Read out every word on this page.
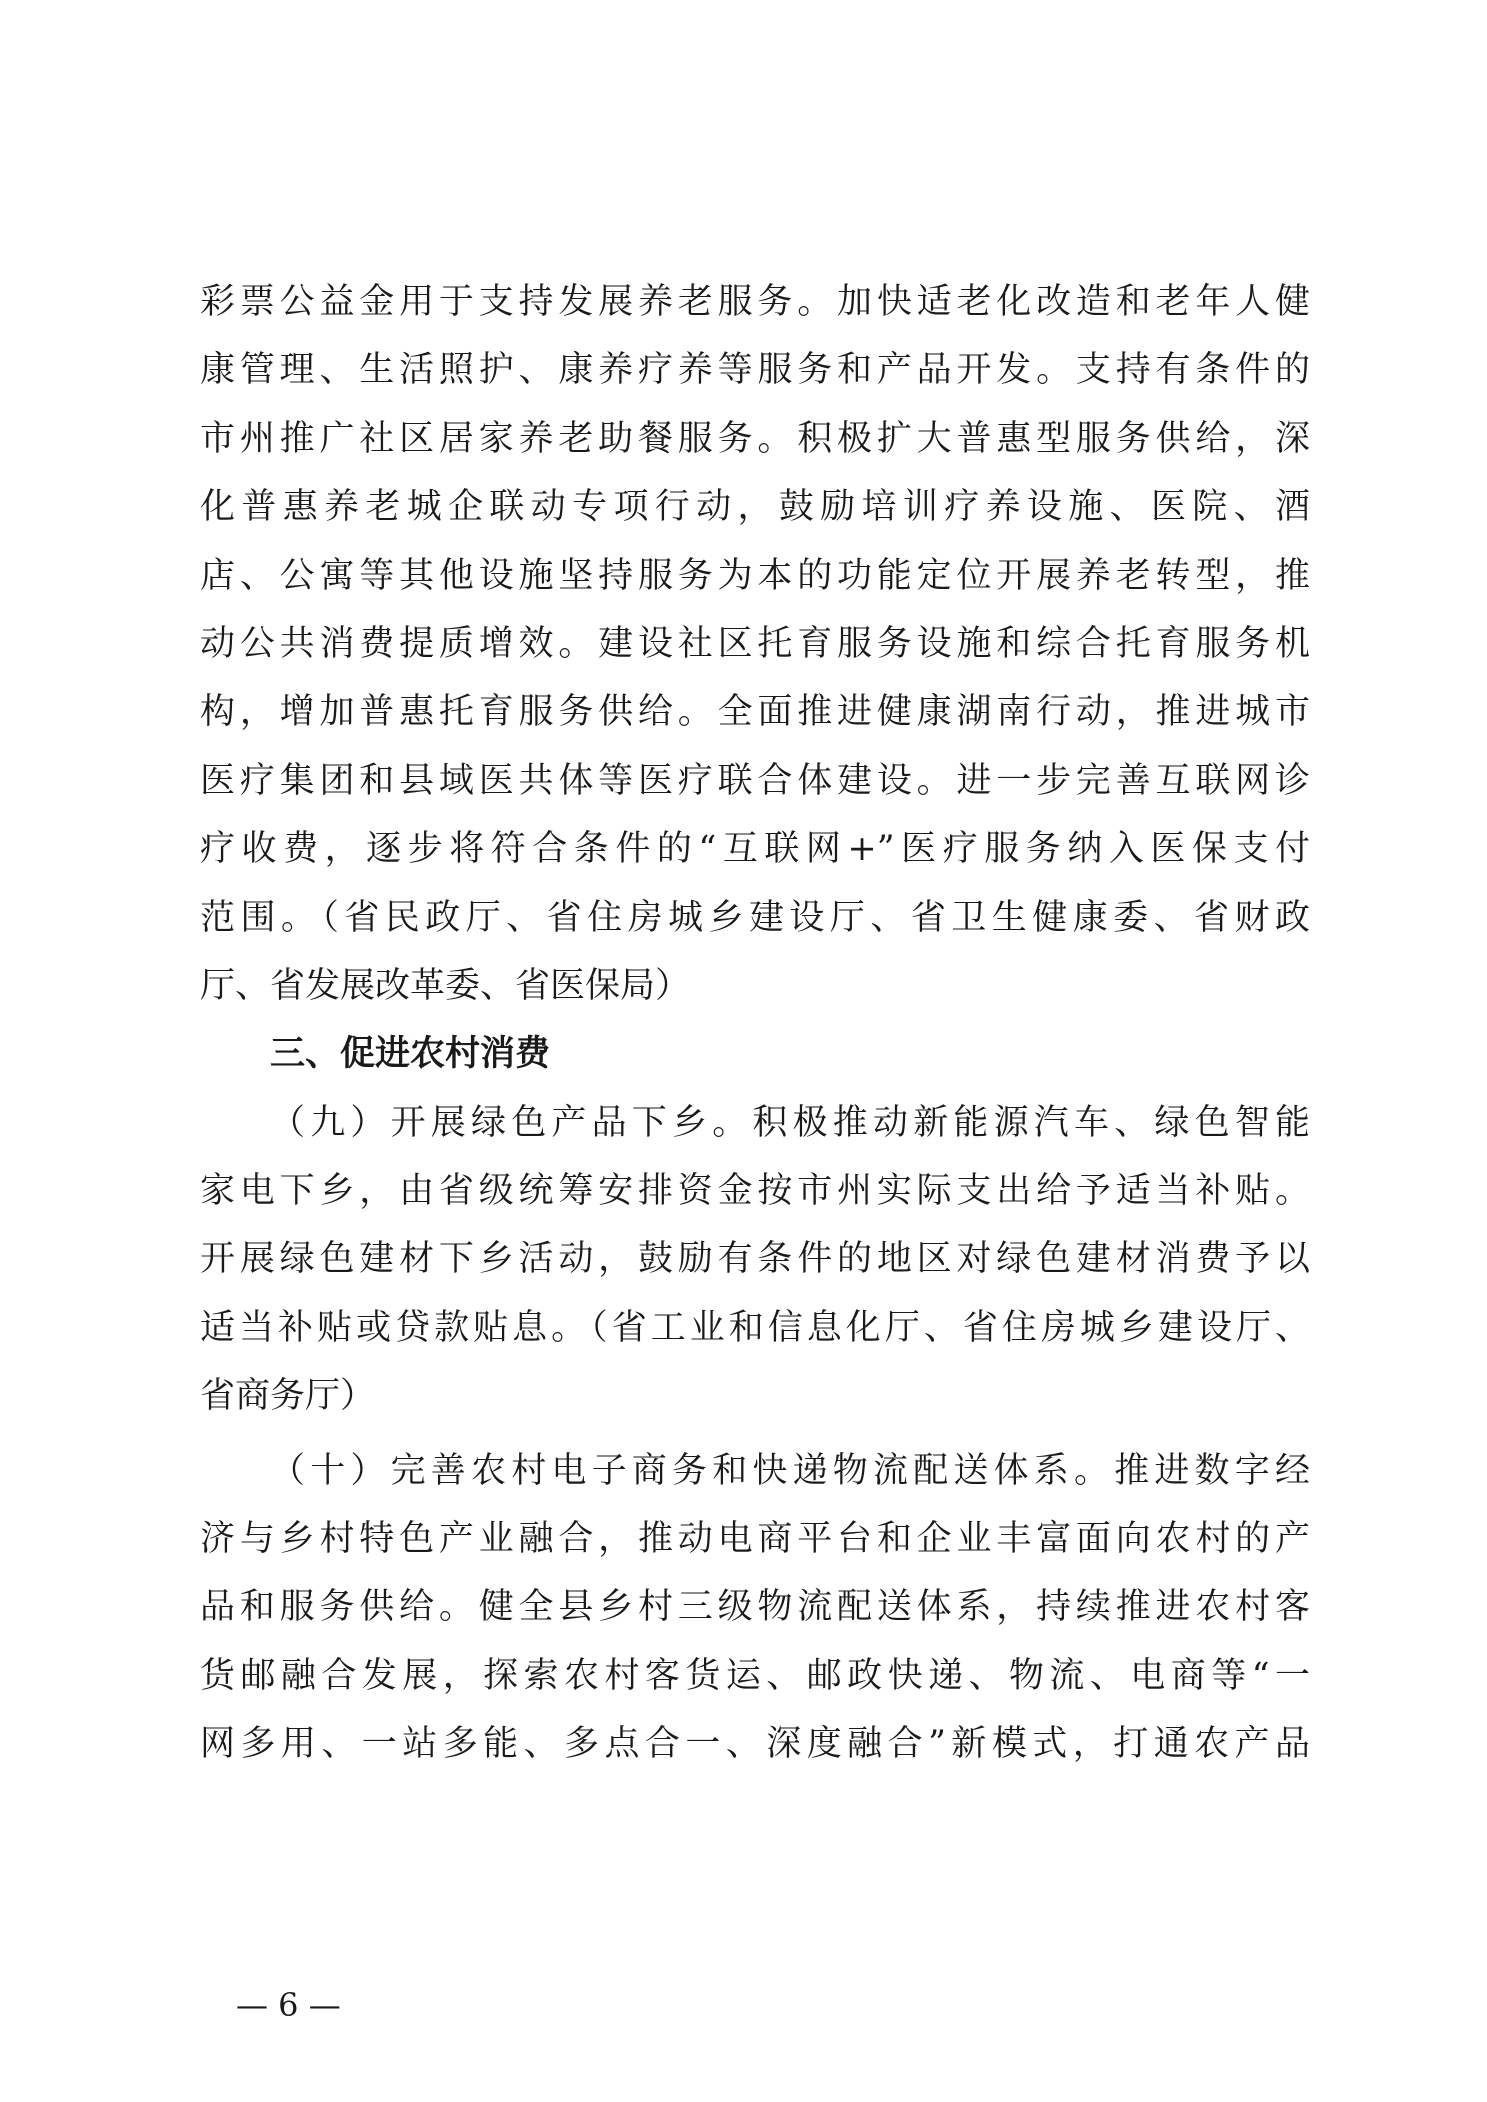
彩票公益金用于支持发展养老服务。加快适老化改造和老年人健
康管理、生活照护、康养疗养等服务和产品开发。支持有条件的
市州推广社区居家养老助餐服务。积极扩大普惠型服务供给，深
化普惠养老城企联动专项行动，鼓励培训疗养设施、医院、酒
店、公寓等其他设施坚持服务为本的功能定位开展养老转型，推
动公共消费提质增效。建设社区托育服务设施和综合托育服务机
构，增加普惠托育服务供给。全面推进健康湖南行动，推进城市
医疗集团和县域医共体等医疗联合体建设。进一步完善互联网诊
疗收费，逐步将符合条件的“互联网+”医疗服务纳入医保支付
范围。（省民政厅、省住房城乡建设厅、省卫生健康委、省财政
厅、省发展改革委、省医保局）
三、促进农村消费
（九）开展绿色产品下乡。积极推动新能源汽车、绿色智能
家电下乡，由省级统筹安排资金按市州实际支出给予适当补贴。
开展绿色建材下乡活动，鼓励有条件的地区对绿色建材消费予以
适当补贴或贷款贴息。（省工业和信息化厅、省住房城乡建设厅、
省商务厅）
（十）完善农村电子商务和快递物流配送体系。推进数字经
济与乡村特色产业融合，推动电商平台和企业丰富面向农村的产
品和服务供给。健全县乡村三级物流配送体系，持续推进农村客
货邮融合发展，探索农村客货运、邮政快递、物流、电商等“一
网多用、一站多能、多点合一、深度融合”新模式，打通农产品
— 6 —
